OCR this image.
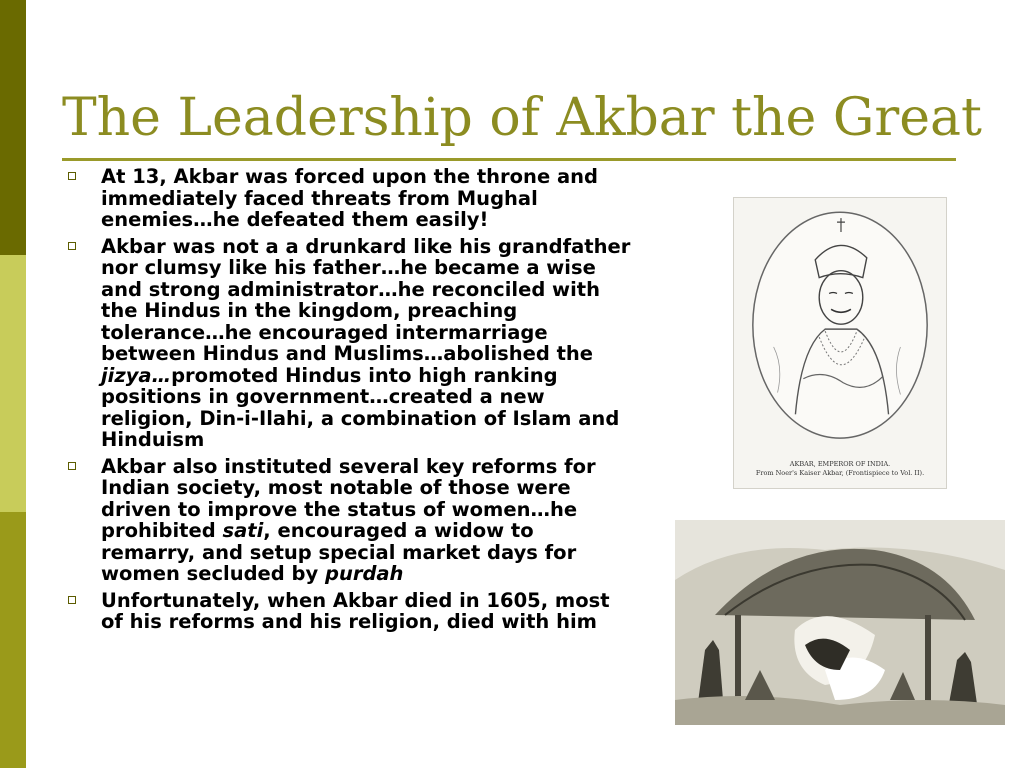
The Leadership of Akbar the Great
At 13, Akbar was forced upon the throne and immediately faced threats from Mughal enemies…he defeated them easily!
Akbar was not a a drunkard like his grandfather nor clumsy like his father…he became a wise and strong administrator…he reconciled with the Hindus in the kingdom, preaching tolerance…he encouraged intermarriage between Hindus and Muslims…abolished the jizya…promoted Hindus into high ranking positions in government…created a new religion, Din-i-Ilahi, a combination of Islam and Hinduism
Akbar also instituted several key reforms for Indian society, most notable of those were driven to improve the status of women…he prohibited sati, encouraged a widow to remarry, and setup special market days for women secluded by purdah
Unfortunately, when Akbar died in 1605, most of his reforms and his religion, died with him
AKBAR, EMPEROR OF INDIA.
From Noer's Kaiser Akbar, (Frontispiece to Vol. II).
